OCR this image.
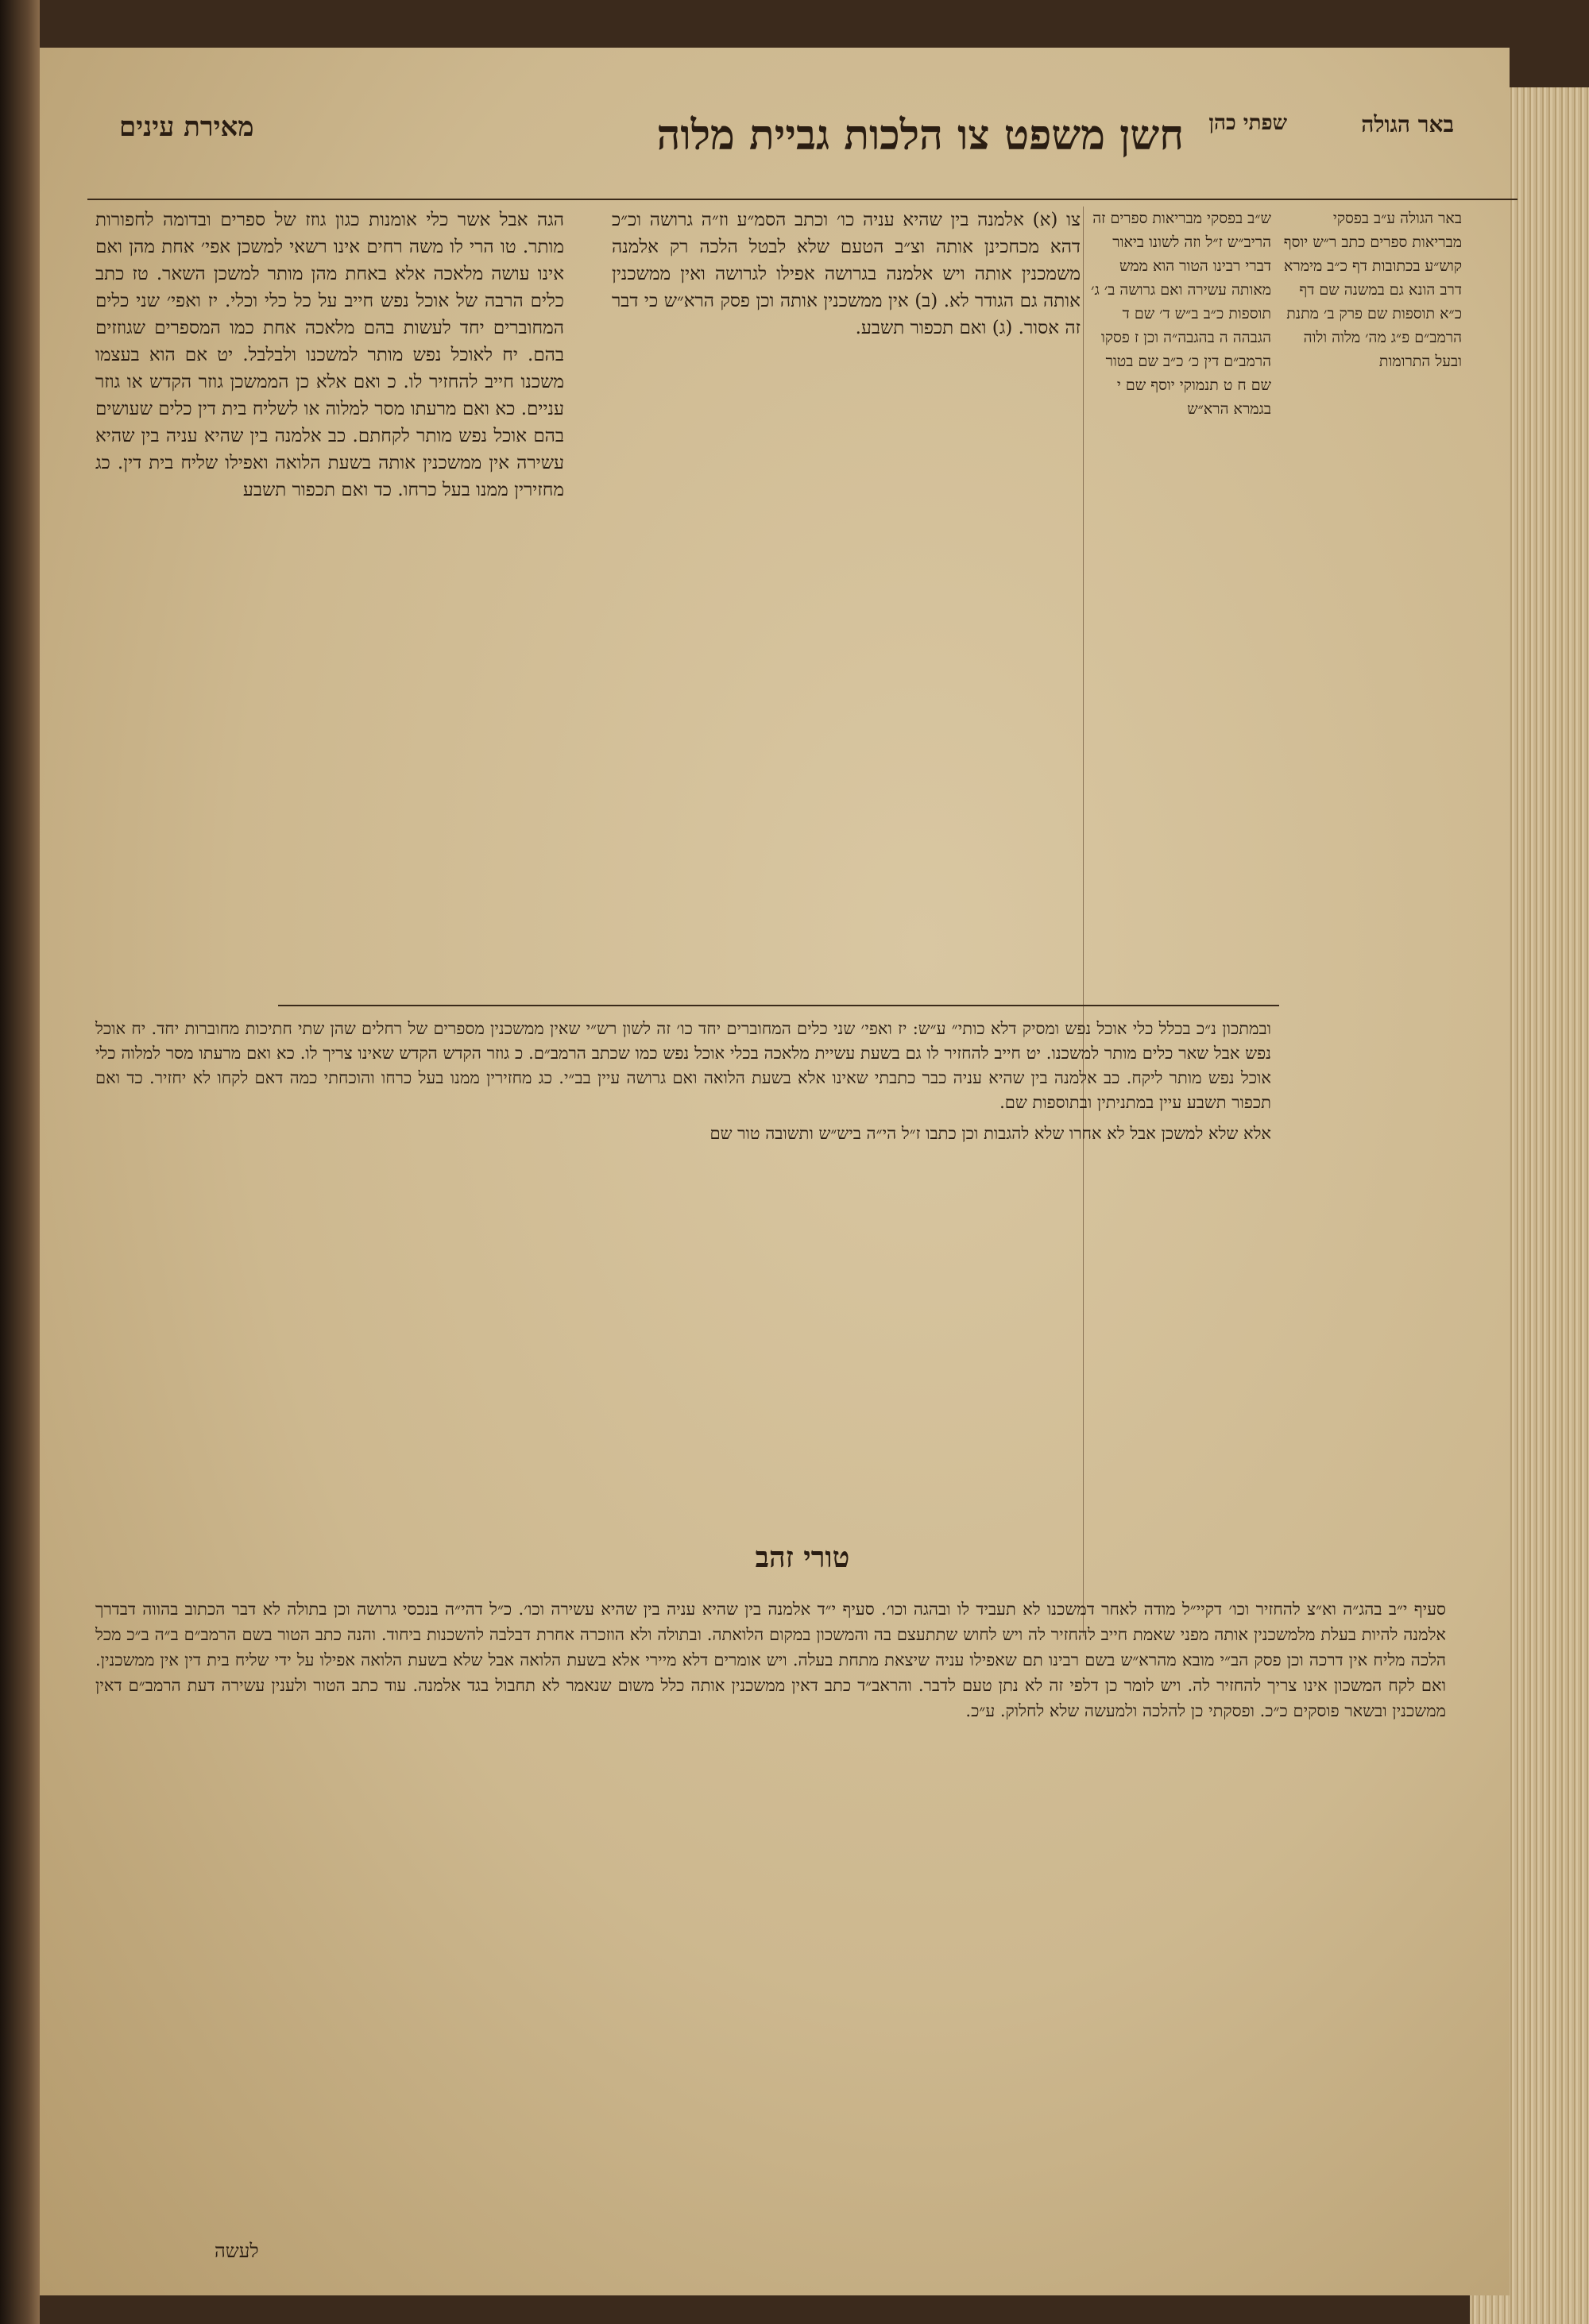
באר הגולה
שפתי כהן
חשן משפט צו הלכות גביית מלוה
מאירת עינים
באר הגולה ע״ב בפסקי מבריאות ספרים כתב ר״ש יוסף קוש״ע בכתובות דף כ״ב מימרא דרב הונא גם במשנה שם דף כ״א תוספות שם פרק ב׳ מתנת הרמב״ם פ״ג מה׳ מלוה ולוה ובעל התרומות
ש״ב בפסקי מבריאות ספרים זה הריב״ש ז״ל וזה לשונו ביאור דברי רבינו הטור הוא ממש מאותה עשירה ואם גרושה ב׳ ג׳ תוספות כ״ב ב״ש ד׳ שם ד הגבהה ה בהגבה״ה וכן ז פסקו הרמב״ם דין כ׳ כ״ב שם בטור שם ח ט תנמוקי יוסף שם י בגמרא הרא״ש
צו (א) אלמנה בין שהיא עניה כו׳ וכתב הסמ״ע וז״ה גרושה וכ״כ דהא מכחכינן אותה וצ״ב הטעם שלא לבטל הלכה רק אלמנה משמכנין אותה ויש אלמנה בגרושה אפילו לגרושה ואין ממשכנין אותה גם הגודר לא. (ב) אין ממשכנין אותה וכן פסק הרא״ש כי דבר זה אסור. (ג) ואם תכפור תשבע.
הגה אבל אשר כלי אומנות כגון גוזז של ספרים ובדומה לחפורות מותר. טו הרי לו משה רחים אינו רשאי למשכן אפי׳ אחת מהן ואם אינו עושה מלאכה אלא באחת מהן מותר למשכן השאר. טז כתב כלים הרבה של אוכל נפש חייב על כל כלי וכלי. יז ואפי׳ שני כלים המחוברים יחד לעשות בהם מלאכה אחת כמו המספרים שגוזזים בהם. יח לאוכל נפש מותר למשכנו ולבלבל. יט אם הוא בעצמו משכנו חייב להחזיר לו. כ ואם אלא כן הממשכן גוזר הקדש או גוזר עניים. כא ואם מרעתו מסר למלוה או לשליח בית דין כלים שעושים בהם אוכל נפש מותר לקחתם. כב אלמנה בין שהיא עניה בין שהיא עשירה אין ממשכנין אותה בשעת הלואה ואפילו שליח בית דין. כג מחזירין ממנו בעל כרחו. כד ואם תכפור תשבע

ובמתכון נ״כ בכלל כלי אוכל נפש ומסיק דלא כותי״ ע״ש: יז ואפי׳ שני כלים המחוברים יחד כו׳ זה לשון רש״י שאין ממשכנין מספרים של רחלים שהן שתי חתיכות מחוברות יחד. יח אוכל נפש אבל שאר כלים מותר למשכנו. יט חייב להחזיר לו גם בשעת עשיית מלאכה בכלי אוכל נפש כמו שכתב הרמב״ם. כ גוזר הקדש הקדש שאינו צריך לו. כא ואם מרעתו מסר למלוה כלי אוכל נפש מותר ליקח. כב אלמנה בין שהיא עניה כבר כתבתי שאינו אלא בשעת הלואה ואם גרושה עיין בב״י. כג מחזירין ממנו בעל כרחו והוכחתי כמה דאם לקחו לא יחזיר. כד ואם תכפור תשבע עיין במתניתין ובתוספות שם.

אלא שלא למשכן אבל לא אחרו שלא להגבות וכן כתבו ז״ל הי״ה ביש״ש ותשובה טור שם

טורי זהב
סעיף י״ב בהג״ה וא״צ להחזיר וכו׳ דקיי״ל מודה לאחר דמשכנו לא תעביד לו ובהגה וכו׳. סעיף י״ד אלמנה בין שהיא עניה בין שהיא עשירה וכו׳. כ״ל דהי״ה בנכסי גרושה וכן בתולה לא דבר הכתוב בהווה דבדרך אלמנה להיות בעלת מלמשכנין אותה מפני שאמת חייב להחזיר לה ויש לחוש שתתעצם בה והמשכון במקום הלואתה. ובתולה ולא הוזכרה אחרת דבלבה להשכנות ביחוד. והנה כתב הטור בשם הרמב״ם ב״ה ב״כ מכל הלכה מליח אין דרכה וכן פסק הב״י מובא מהרא״ש בשם רבינו תם שאפילו עניה שיצאת מתחת בעלה. ויש אומרים דלא מיירי אלא בשעת הלואה אבל שלא בשעת הלואה אפילו על ידי שליח בית דין אין ממשכנין. ואם לקח המשכון אינו צריך להחזיר לה. ויש לומר כן דלפי זה לא נתן טעם לדבר. והראב״ד כתב דאין ממשכנין אותה כלל משום שנאמר לא תחבול בגד אלמנה. עוד כתב הטור ולענין עשירה דעת הרמב״ם דאין ממשכנין ובשאר פוסקים כ״כ. ופסקתי כן להלכה ולמעשה שלא לחלוק. ע״כ.
לעשה
